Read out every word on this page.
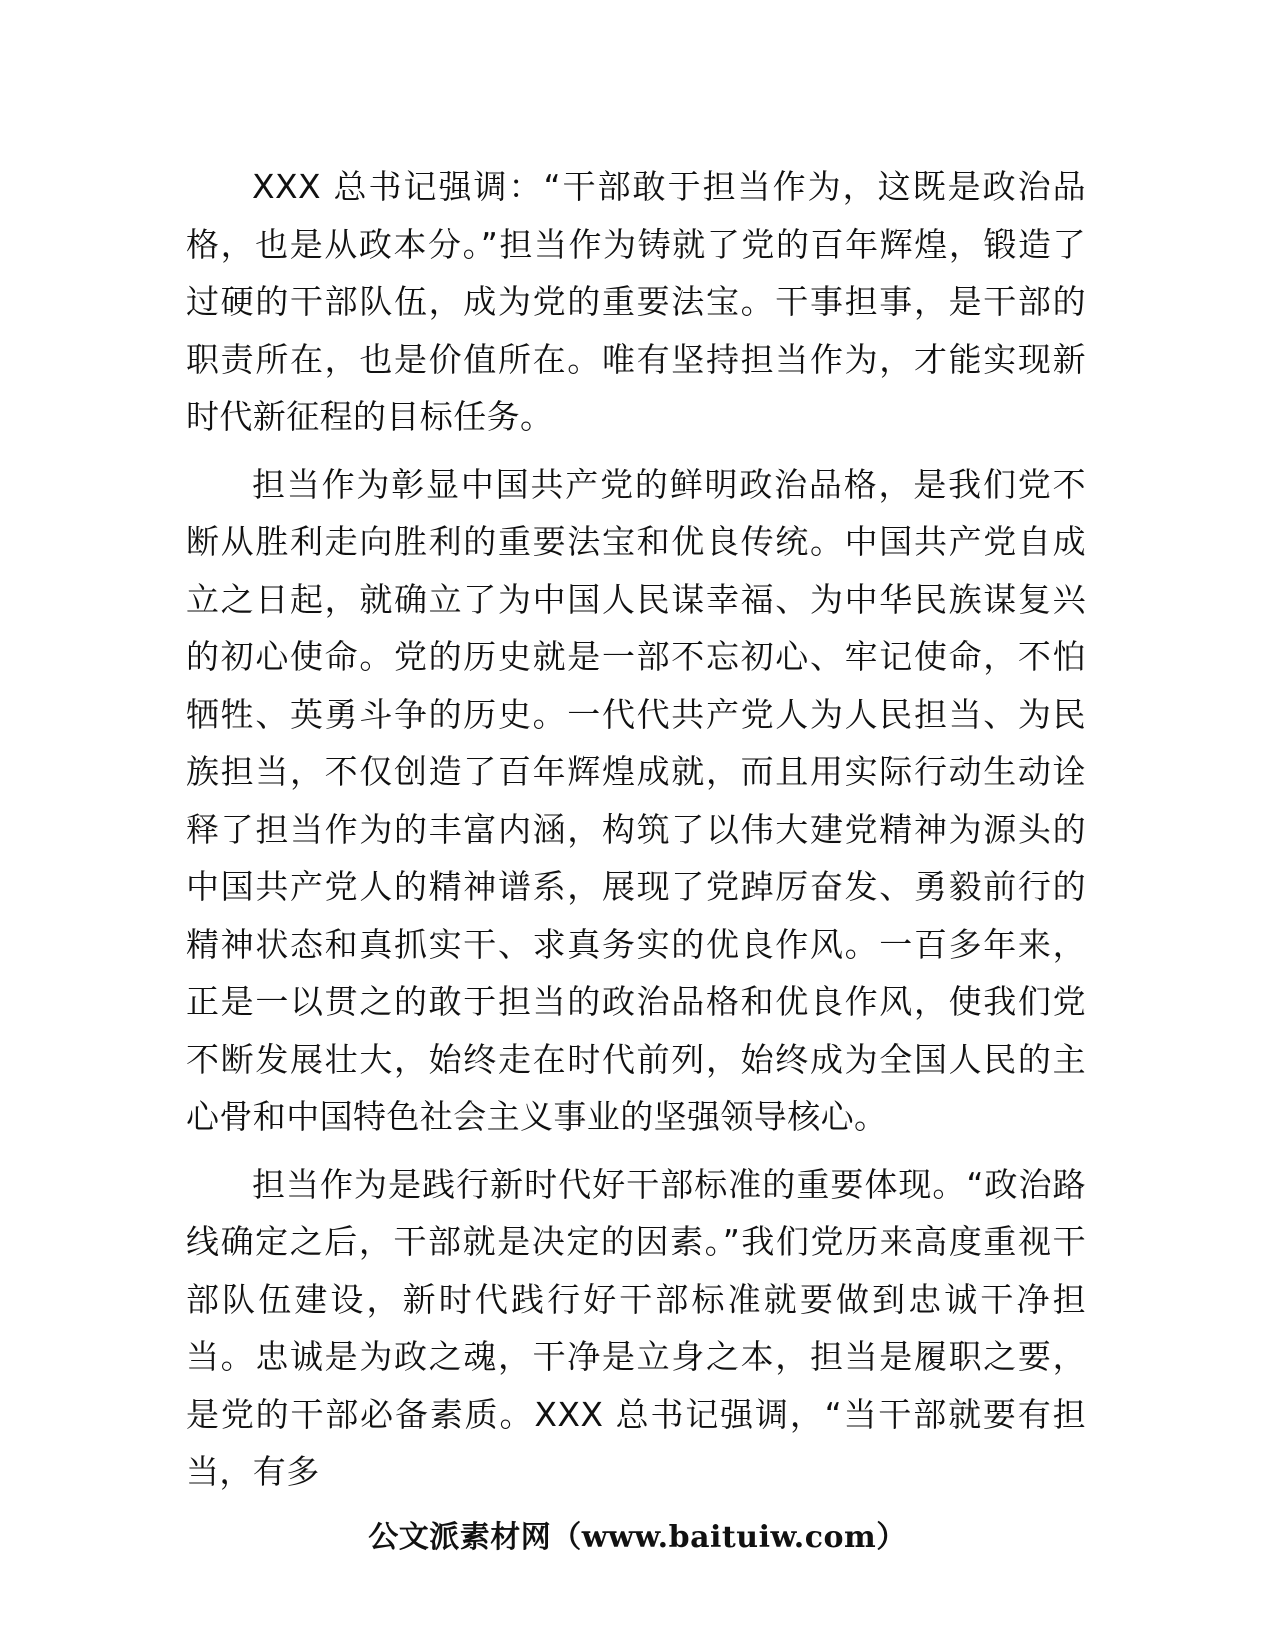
XXX 总书记强调：“干部敢于担当作为，这既是政治品格，也是从政本分。”担当作为铸就了党的百年辉煌，锻造了过硬的干部队伍，成为党的重要法宝。干事担事，是干部的职责所在，也是价值所在。唯有坚持担当作为，才能实现新时代新征程的目标任务。

担当作为彰显中国共产党的鲜明政治品格，是我们党不断从胜利走向胜利的重要法宝和优良传统。中国共产党自成立之日起，就确立了为中国人民谋幸福、为中华民族谋复兴的初心使命。党的历史就是一部不忘初心、牢记使命，不怕牺牲、英勇斗争的历史。一代代共产党人为人民担当、为民族担当，不仅创造了百年辉煌成就，而且用实际行动生动诠释了担当作为的丰富内涵，构筑了以伟大建党精神为源头的中国共产党人的精神谱系，展现了党踔厉奋发、勇毅前行的精神状态和真抓实干、求真务实的优良作风。一百多年来，正是一以贯之的敢于担当的政治品格和优良作风，使我们党不断发展壮大，始终走在时代前列，始终成为全国人民的主心骨和中国特色社会主义事业的坚强领导核心。

担当作为是践行新时代好干部标准的重要体现。“政治路线确定之后，干部就是决定的因素。”我们党历来高度重视干部队伍建设，新时代践行好干部标准就要做到忠诚干净担当。忠诚是为政之魂，干净是立身之本，担当是履职之要，是党的干部必备素质。XXX 总书记强调，“当干部就要有担当，有多

公文派素材网（www.baituiw.com）
